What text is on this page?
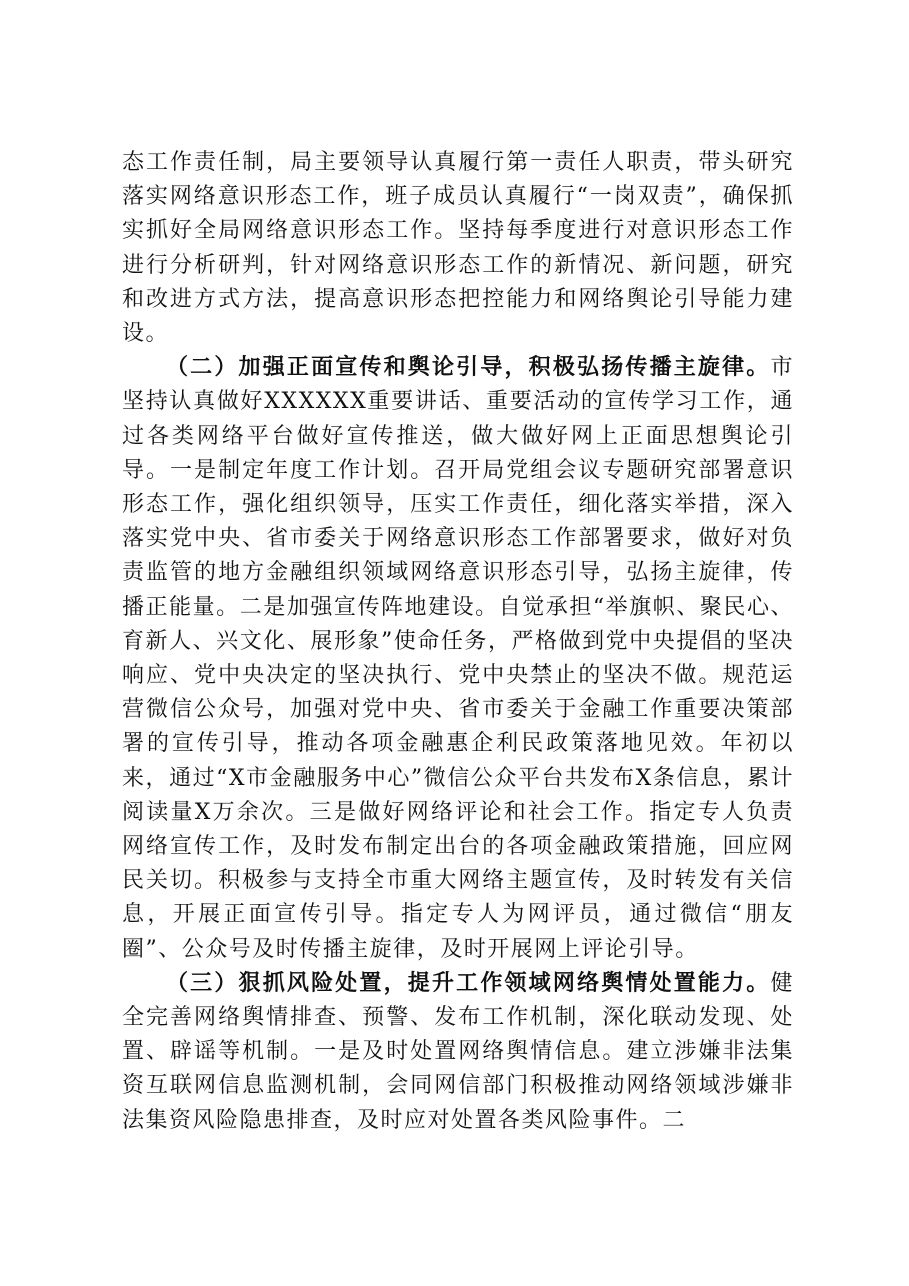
态工作责任制，局主要领导认真履行第一责任人职责，带头研究落实网络意识形态工作，班子成员认真履行“一岗双责”，确保抓实抓好全局网络意识形态工作。坚持每季度进行对意识形态工作进行分析研判，针对网络意识形态工作的新情况、新问题，研究和改进方式方法，提高意识形态把控能力和网络舆论引导能力建设。

（二）加强正面宣传和舆论引导，积极弘扬传播主旋律。市坚持认真做好XXXXXX重要讲话、重要活动的宣传学习工作，通过各类网络平台做好宣传推送，做大做好网上正面思想舆论引导。一是制定年度工作计划。召开局党组会议专题研究部署意识形态工作，强化组织领导，压实工作责任，细化落实举措，深入落实党中央、省市委关于网络意识形态工作部署要求，做好对负责监管的地方金融组织领域网络意识形态引导，弘扬主旋律，传播正能量。二是加强宣传阵地建设。自觉承担“举旗帜、聚民心、育新人、兴文化、展形象”使命任务，严格做到党中央提倡的坚决响应、党中央决定的坚决执行、党中央禁止的坚决不做。规范运营微信公众号，加强对党中央、省市委关于金融工作重要决策部署的宣传引导，推动各项金融惠企利民政策落地见效。年初以来，通过“X市金融服务中心”微信公众平台共发布X条信息，累计阅读量X万余次。三是做好网络评论和社会工作。指定专人负责网络宣传工作，及时发布制定出台的各项金融政策措施，回应网民关切。积极参与支持全市重大网络主题宣传，及时转发有关信息，开展正面宣传引导。指定专人为网评员，通过微信“朋友圈”、公众号及时传播主旋律，及时开展网上评论引导。

（三）狠抓风险处置，提升工作领域网络舆情处置能力。健全完善网络舆情排查、预警、发布工作机制，深化联动发现、处置、辟谣等机制。一是及时处置网络舆情信息。建立涉嫌非法集资互联网信息监测机制，会同网信部门积极推动网络领域涉嫌非法集资风险隐患排查，及时应对处置各类风险事件。二
